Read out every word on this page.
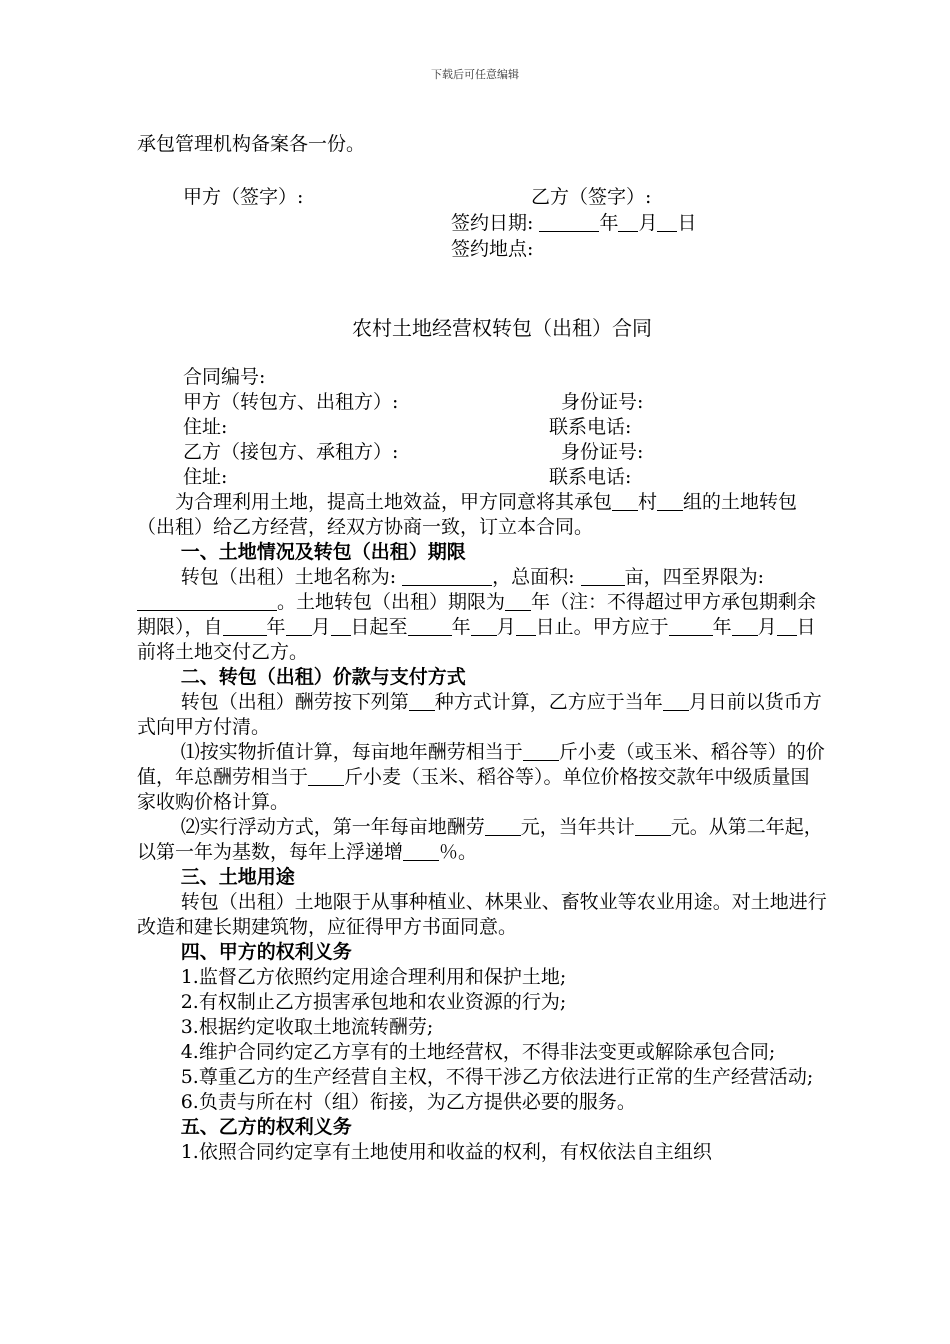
下载后可任意编辑

承包管理机构备案各一份。

甲方（签字）:	乙方（签字）:
签约日期:	年 月 日
签约地点:

农村土地经营权转包（出租）合同

合同编号:
甲方（转包方、出租方）:	身份证号:
住址:	联系电话:
乙方（接包方、承租方）:	身份证号:
住址:	联系电话:

为合理利用土地，提高土地效益，甲方同意将其承包 村 组的土地转包（出租）给乙方经营，经双方协商一致，订立本合同。

一、土地情况及转包（出租）期限

转包（出租）土地名称为:	，总面积:	亩，四至界限为: 。土地转包（出租）期限为 年（注：不得超过甲方承包期剩余期限），自 年 月 日起至 年 月 日止。甲方应于 年 月 日前将土地交付乙方。

二、转包（出租）价款与支付方式

转包（出租）酬劳按下列第 种方式计算，乙方应于当年 月日前以货币方式向甲方付清。

⑴按实物折值计算，每亩地年酬劳相当于 斤小麦（或玉米、稻谷等）的价值，年总酬劳相当于 斤小麦（玉米、稻谷等）。单位价格按交款年中级质量国家收购价格计算。

⑵实行浮动方式，第一年每亩地酬劳 元，当年共计 元。从第二年起，以第一年为基数，每年上浮递增 ％。

三、土地用途

转包（出租）土地限于从事种植业、林果业、畜牧业等农业用途。对土地进行改造和建长期建筑物，应征得甲方书面同意。

四、甲方的权利义务

1.监督乙方依照约定用途合理利用和保护土地;

2.有权制止乙方损害承包地和农业资源的行为;

3.根据约定收取土地流转酬劳;

4.维护合同约定乙方享有的土地经营权，不得非法变更或解除承包合同;

5.尊重乙方的生产经营自主权，不得干涉乙方依法进行正常的生产经营活动;

6.负责与所在村（组）衔接，为乙方提供必要的服务。

五、乙方的权利义务

1.依照合同约定享有土地使用和收益的权利，有权依法自主组织
